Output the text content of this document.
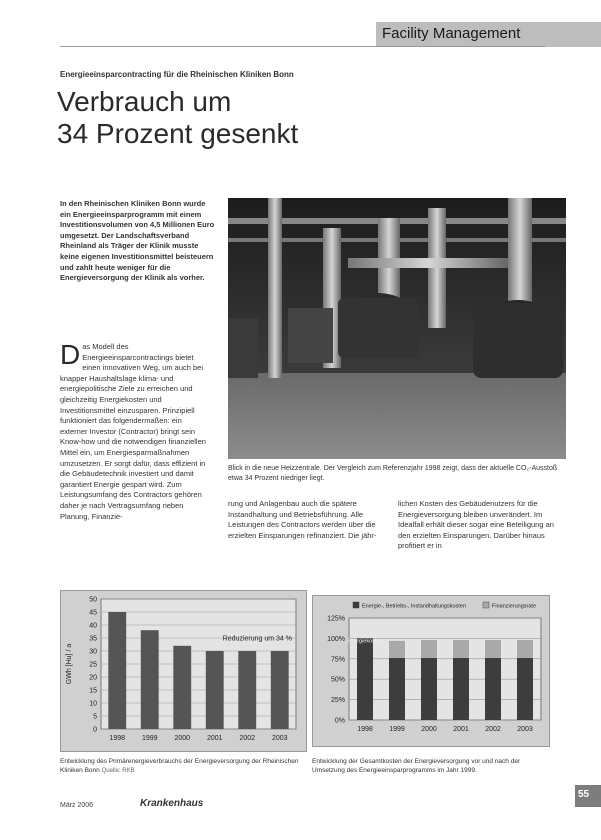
Facility Management
Energieeinsparcontracting für die Rheinischen Kliniken Bonn
Verbrauch um
34 Prozent gesenkt
In den Rheinischen Kliniken Bonn wurde ein Energieeinsparprogramm mit einem Investitionsvolumen von 4,5 Millionen Euro umgesetzt. Der Landschaftsverband Rheinland als Träger der Klinik musste keine eigenen Investitionsmittel beisteuern und zahlt heute weniger für die Energieversorgung der Klinik als vorher.
Das Modell des Energieeinsparcontractings bietet einen innovativen Weg, um auch bei knapper Haushaltslage klima- und energiepolitische Ziele zu erreichen und gleichzeitig Energiekosten und Investitionsmittel einzusparen. Prinzipiell funktioniert das folgendermaßen: ein externer Investor (Contractor) bringt sein Know-how und die notwendigen finanziellen Mittel ein, um Energiesparmaßnahmen umzusetzen. Er sorgt dafür, dass effizient in die Gebäudetechnik investiert und damit garantiert Energie gespart wird. Zum Leistungsumfang des Contractors gehören daher je nach Vertragsumfang neben Planung, Finanzie-
Blick in die neue Heizzentrale. Der Vergleich zum Referenzjahr 1998 zeigt, dass der aktuelle CO₂-Ausstoß etwa 34 Prozent niedriger liegt.
rung und Anlagenbau auch die spätere Instandhaltung und Betriebsführung. Alle Leistungen des Contractors werden über die erzielten Einsparungen refinanziert. Die jähr-
lichen Kosten des Gebäudenutzers für die Energieversorgung bleiben unverändert. Im Idealfall erhält dieser sogar eine Beteiligung an den erzielten Einsparungen. Darüber hinaus profitiert er in
0
5
10
15
20
25
30
35
40
45
50
GWh [Hu] / a
1998 1999 2000 2001 2002 2003
Reduzierung um 34 %
Entwicklung des Primärenergieverbrauchs der Energieversorgung der Rheinischen Kliniken Bonn Quelle: RKB
0%
25%
50%
75%
100%
125%
Energie-, Betriebs-, Instandhaltungskosten	Finanzierungsrate
1998 1999 2000 2001 2002 2003
Energiekosten
Entwicklung der Gesamtkosten der Energieversorgung vor und nach der Umsetzung des Energieeinsparprogramms im Jahr 1999.
März 2006	Krankenhaus
55
